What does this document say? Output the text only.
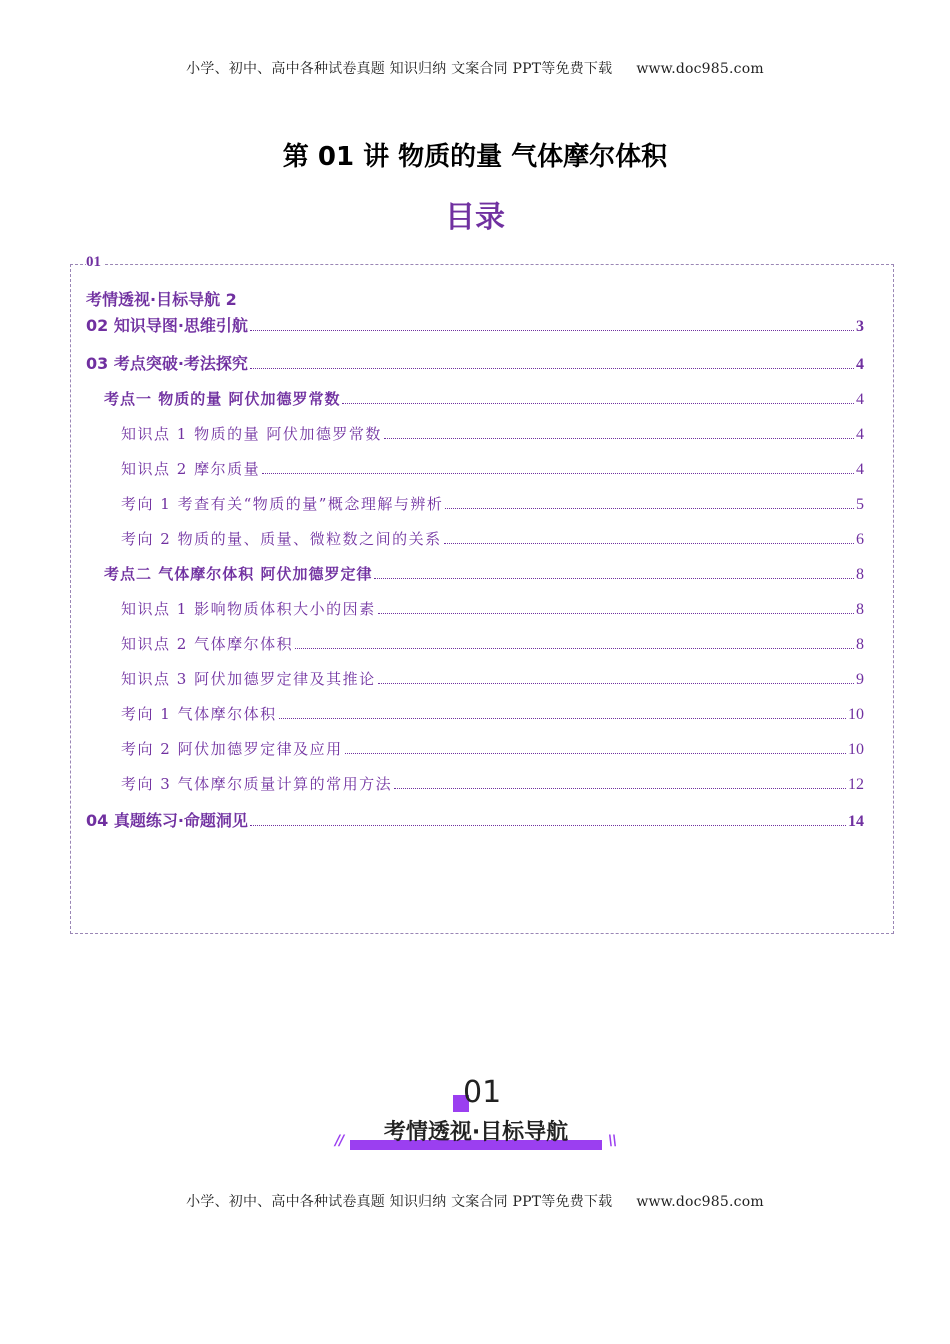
小学、初中、高中各种试卷真题 知识归纳 文案合同 PPT等免费下载 www.doc985.com
第 01 讲 物质的量 气体摩尔体积
目录
01
考情透视·目标导航 2
02 知识导图·思维引航	3
03 考点突破·考法探究	4
考点一 物质的量 阿伏加德罗常数	4
知识点 1 物质的量 阿伏加德罗常数	4
知识点 2 摩尔质量	4
考向 1 考查有关“物质的量”概念理解与辨析	5
考向 2 物质的量、质量、微粒数之间的关系	6
考点二 气体摩尔体积 阿伏加德罗定律	8
知识点 1 影响物质体积大小的因素	8
知识点 2 气体摩尔体积	8
知识点 3 阿伏加德罗定律及其推论	9
考向 1 气体摩尔体积	10
考向 2 阿伏加德罗定律及应用	10
考向 3 气体摩尔质量计算的常用方法	12
04 真题练习·命题洞见	14
01
考情透视·目标导航
//	\\
小学、初中、高中各种试卷真题 知识归纳 文案合同 PPT等免费下载 www.doc985.com
